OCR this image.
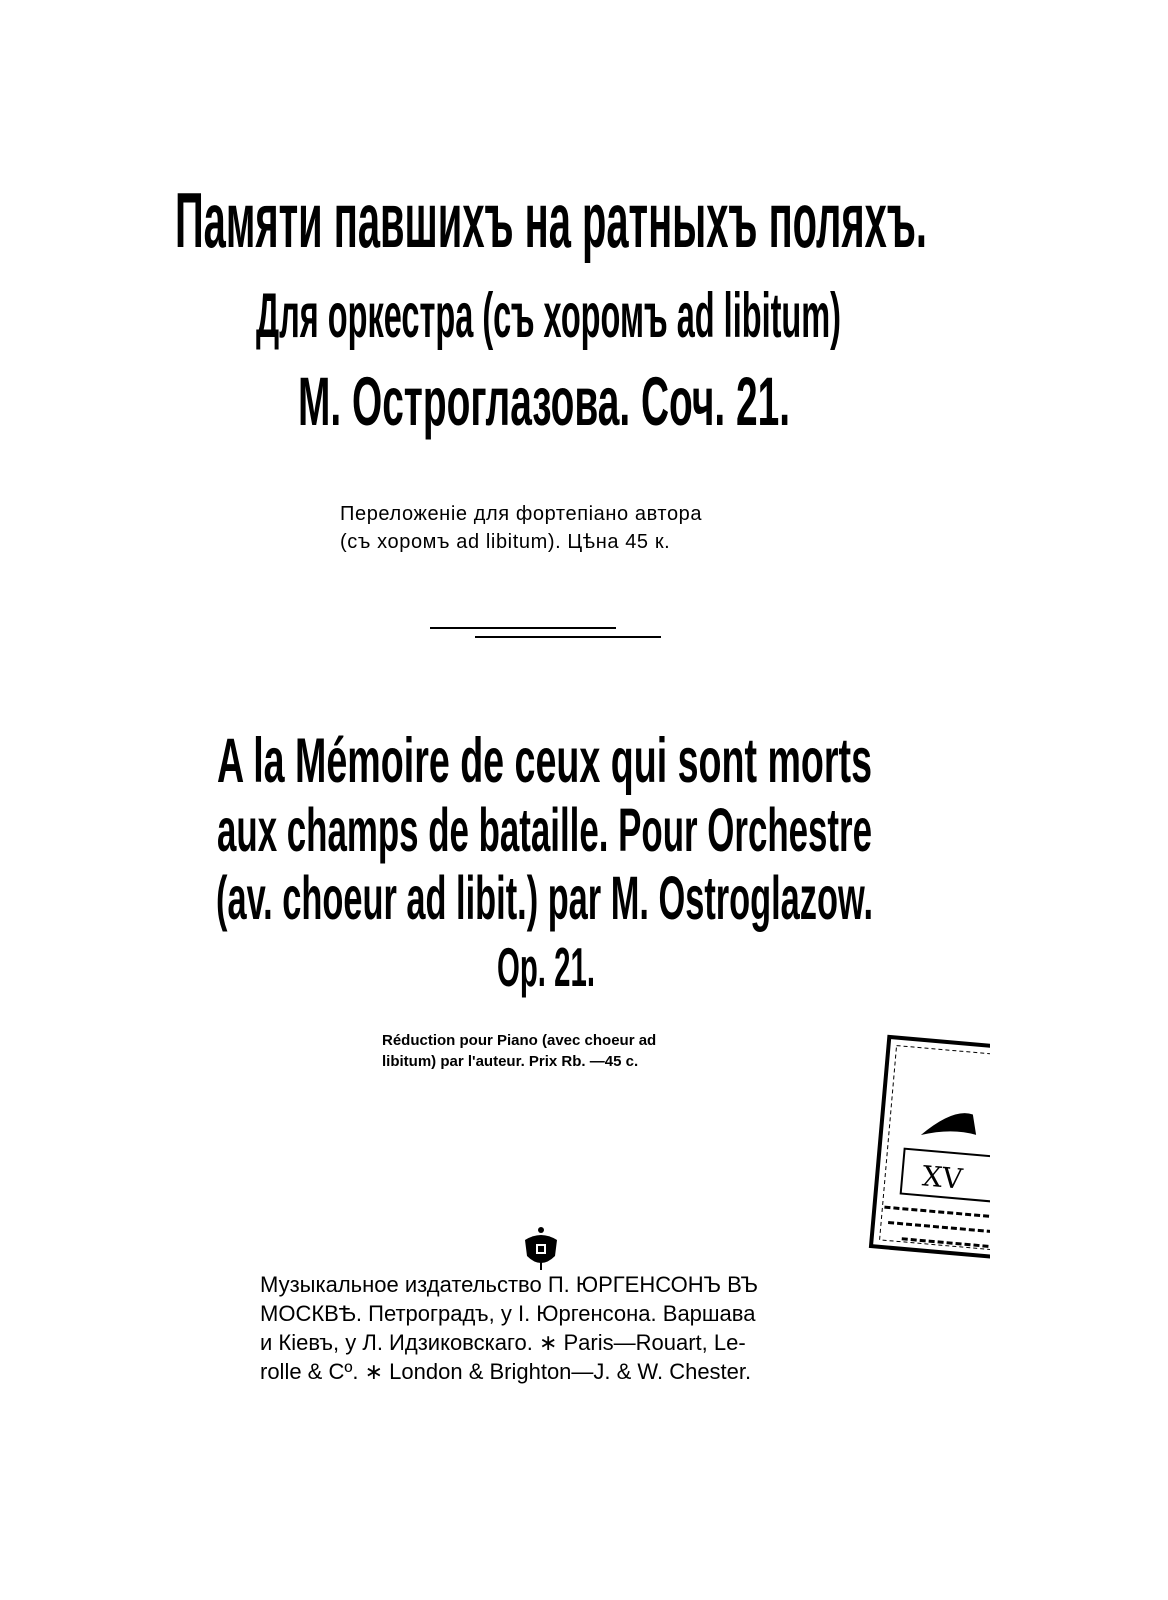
Памяти павшихъ на ратныхъ поляхъ.
Для оркестра (съ хоромъ ad libitum)
М. Остроглазова. Соч. 21.
Переложеніе для фортепіано автора
(съ хоромъ ad libitum). Цѣна 45 к.
A la Mémoire de ceux qui sont morts
aux champs de bataille. Pour Orchestre
(av. choeur ad libit.) par M. Ostroglazow.
Op. 21.
Réduction pour Piano (avec choeur ad
libitum) par l'auteur. Prix Rb. —45 c.
XV
Музыкальное издательство П. ЮРГЕНСОНЪ ВЪ
МОСКВѢ. Петроградъ, у І. Юргенсона. Варшава
и Кіевъ, у Л. Идзиковскаго. ∗ Paris—Rouart, Le-
rolle & Cº. ∗ London & Brighton—J. & W. Chester.
